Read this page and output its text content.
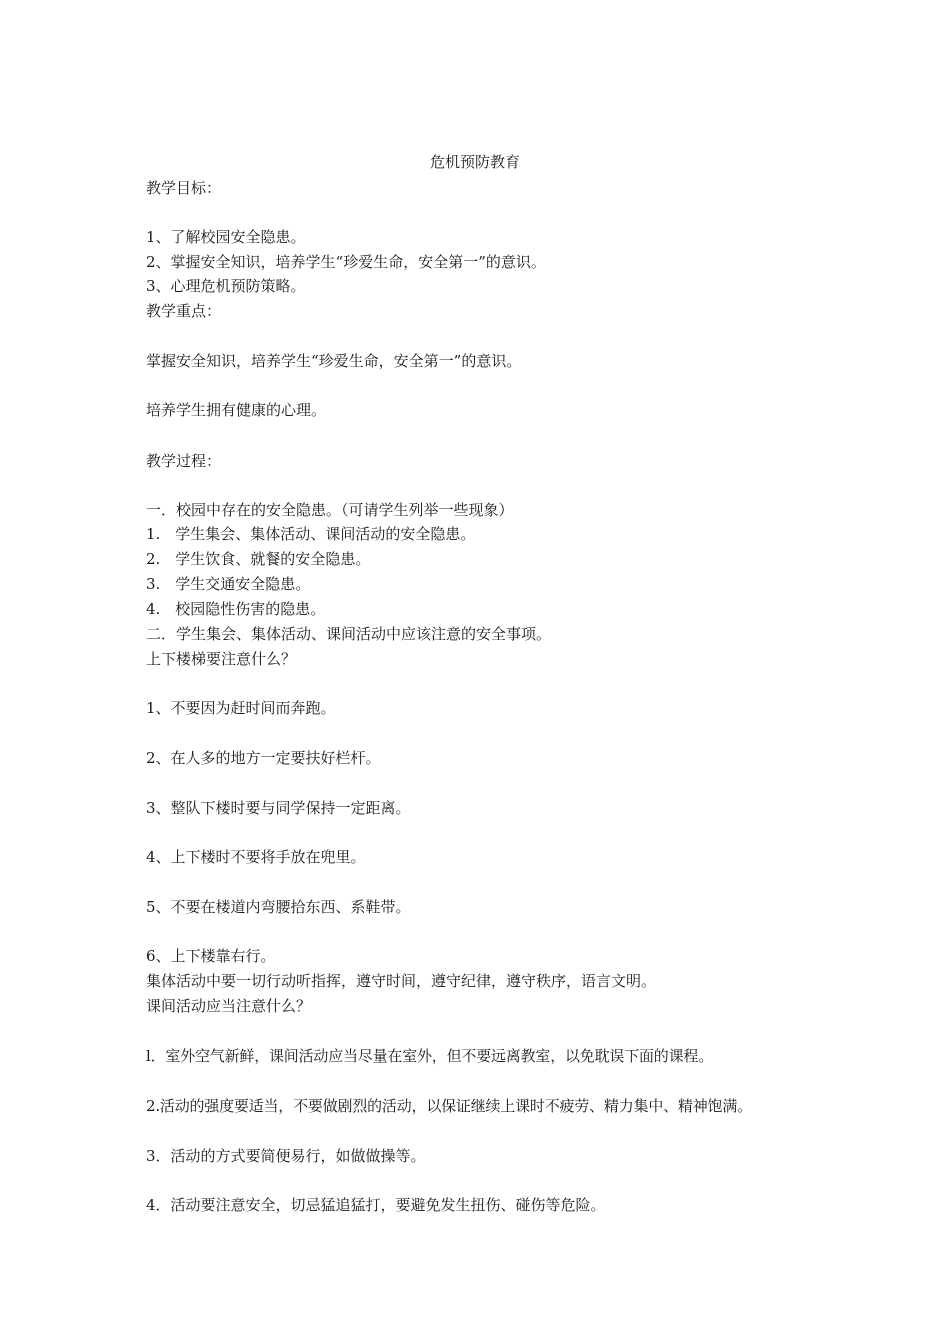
危机预防教育
教学目标：
1、了解校园安全隐患。
2、掌握安全知识，培养学生“珍爱生命，安全第一”的意识。
3、心理危机预防策略。
教学重点：
掌握安全知识，培养学生“珍爱生命，安全第一”的意识。
培养学生拥有健康的心理。
教学过程：
一．校园中存在的安全隐患。（可请学生列举一些现象）
1.　学生集会、集体活动、课间活动的安全隐患。
2.　学生饮食、就餐的安全隐患。
3.　学生交通安全隐患。
4.　校园隐性伤害的隐患。
二．学生集会、集体活动、课间活动中应该注意的安全事项。
上下楼梯要注意什么？
1、不要因为赶时间而奔跑。
2、在人多的地方一定要扶好栏杆。
3、整队下楼时要与同学保持一定距离。
4、上下楼时不要将手放在兜里。
5、不要在楼道内弯腰拾东西、系鞋带。
6、上下楼靠右行。
集体活动中要一切行动听指挥，遵守时间，遵守纪律，遵守秩序，语言文明。
课间活动应当注意什么？
l．室外空气新鲜，课间活动应当尽量在室外，但不要远离教室，以免耽误下面的课程。
2.活动的强度要适当，不要做剧烈的活动，以保证继续上课时不疲劳、精力集中、精神饱满。
3．活动的方式要简便易行，如做做操等。
4．活动要注意安全，切忌猛追猛打，要避免发生扭伤、碰伤等危险。
